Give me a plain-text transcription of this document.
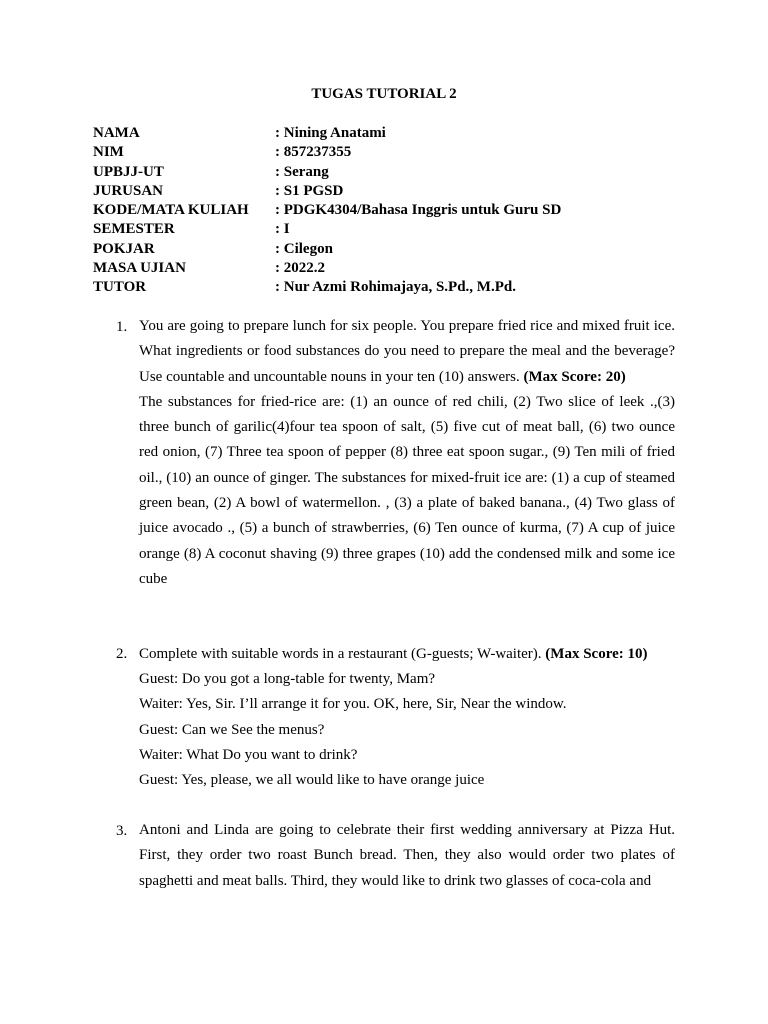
TUGAS TUTORIAL 2
NAMA	: Nining Anatami
NIM	: 857237355
UPBJJ-UT	: Serang
JURUSAN	: S1 PGSD
KODE/MATA KULIAH : PDGK4304/Bahasa Inggris untuk Guru SD
SEMESTER	: I
POKJAR	: Cilegon
MASA UJIAN	: 2022.2
TUTOR	: Nur Azmi Rohimajaya, S.Pd., M.Pd.
1. You are going to prepare lunch for six people. You prepare fried rice and mixed fruit ice. What ingredients or food substances do you need to prepare the meal and the beverage? Use countable and uncountable nouns in your ten (10) answers. (Max Score: 20)

The substances for fried-rice are: (1) an ounce of red chili, (2) Two slice of leek .,(3) three bunch of garilic(4)four tea spoon of salt, (5) five cut of meat ball, (6) two ounce red onion, (7) Three tea spoon of pepper (8) three eat spoon sugar., (9) Ten mili of fried oil., (10) an ounce of ginger. The substances for mixed-fruit ice are: (1) a cup of steamed green bean, (2) A bowl of watermellon. , (3) a plate of baked banana., (4) Two glass of juice avocado ., (5) a bunch of strawberries, (6) Ten ounce of kurma, (7) A cup of juice orange (8) A coconut shaving (9) three grapes (10) add the condensed milk and some ice cube

2. Complete with suitable words in a restaurant (G-guests; W-waiter). (Max Score: 10)
Guest: Do you got a long-table for twenty, Mam?
Waiter: Yes, Sir. I’ll arrange it for you. OK, here, Sir, Near the window.
Guest: Can we See the menus?
Waiter: What Do you want to drink?
Guest: Yes, please, we all would like to have orange juice
3. Antoni and Linda are going to celebrate their first wedding anniversary at Pizza Hut. First, they order two roast Bunch bread. Then, they also would order two plates of spaghetti and meat balls. Third, they would like to drink two glasses of coca-cola and
